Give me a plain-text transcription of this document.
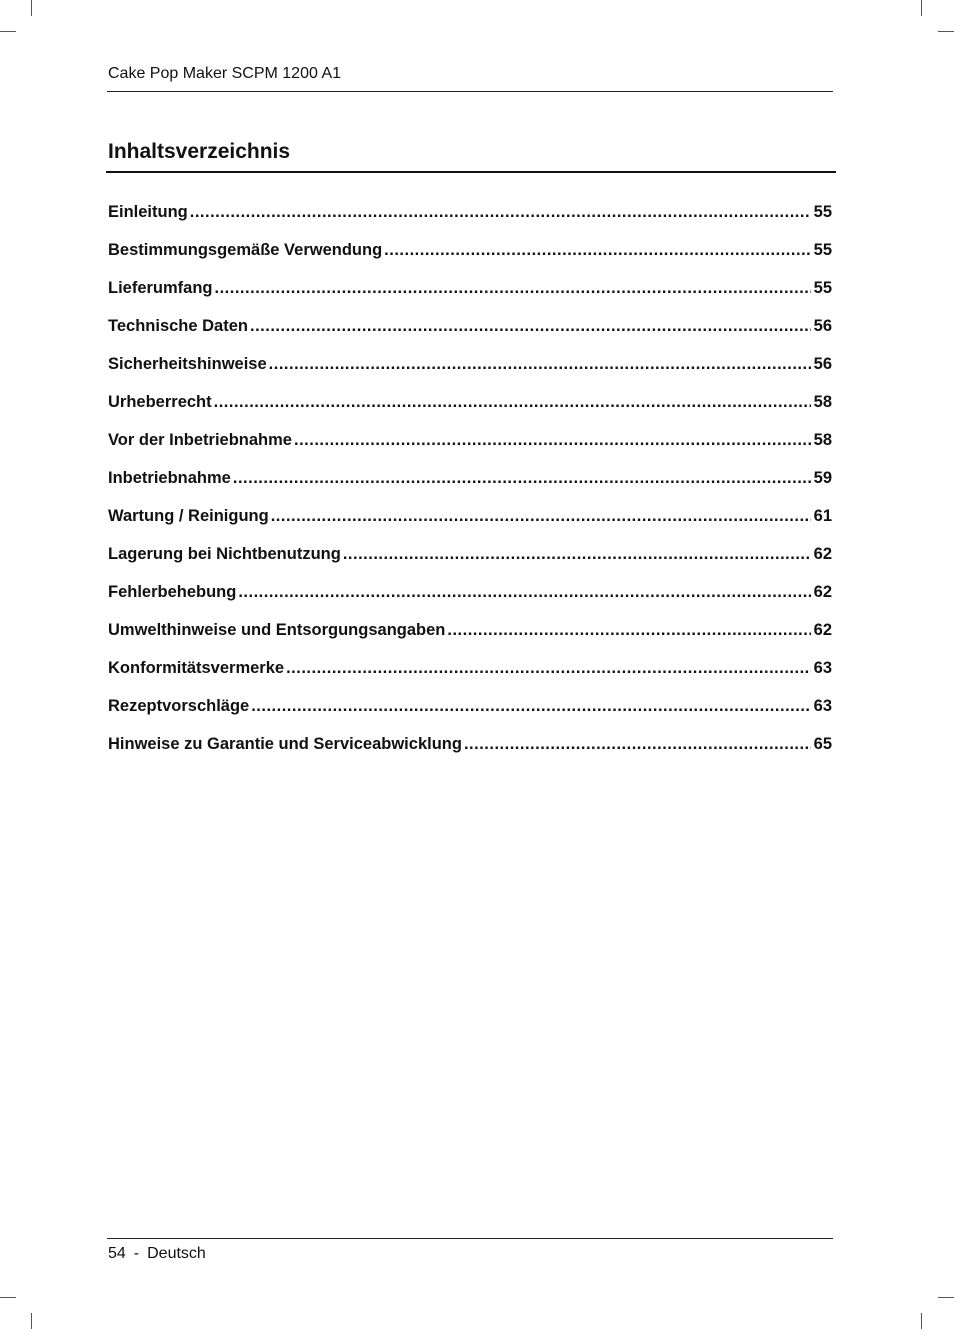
Cake Pop Maker SCPM 1200 A1
Inhaltsverzeichnis
Einleitung .....	55
Bestimmungsgemäße Verwendung .....	55
Lieferumfang .....	55
Technische Daten .....	56
Sicherheitshinweise .....	56
Urheberrecht .....	58
Vor der Inbetriebnahme .....	58
Inbetriebnahme .....	59
Wartung / Reinigung .....	61
Lagerung bei Nichtbenutzung .....	62
Fehlerbehebung .....	62
Umwelthinweise und Entsorgungsangaben .....	62
Konformitätsvermerke .....	63
Rezeptvorschläge .....	63
Hinweise zu Garantie und Serviceabwicklung .....	65
54 - Deutsch
